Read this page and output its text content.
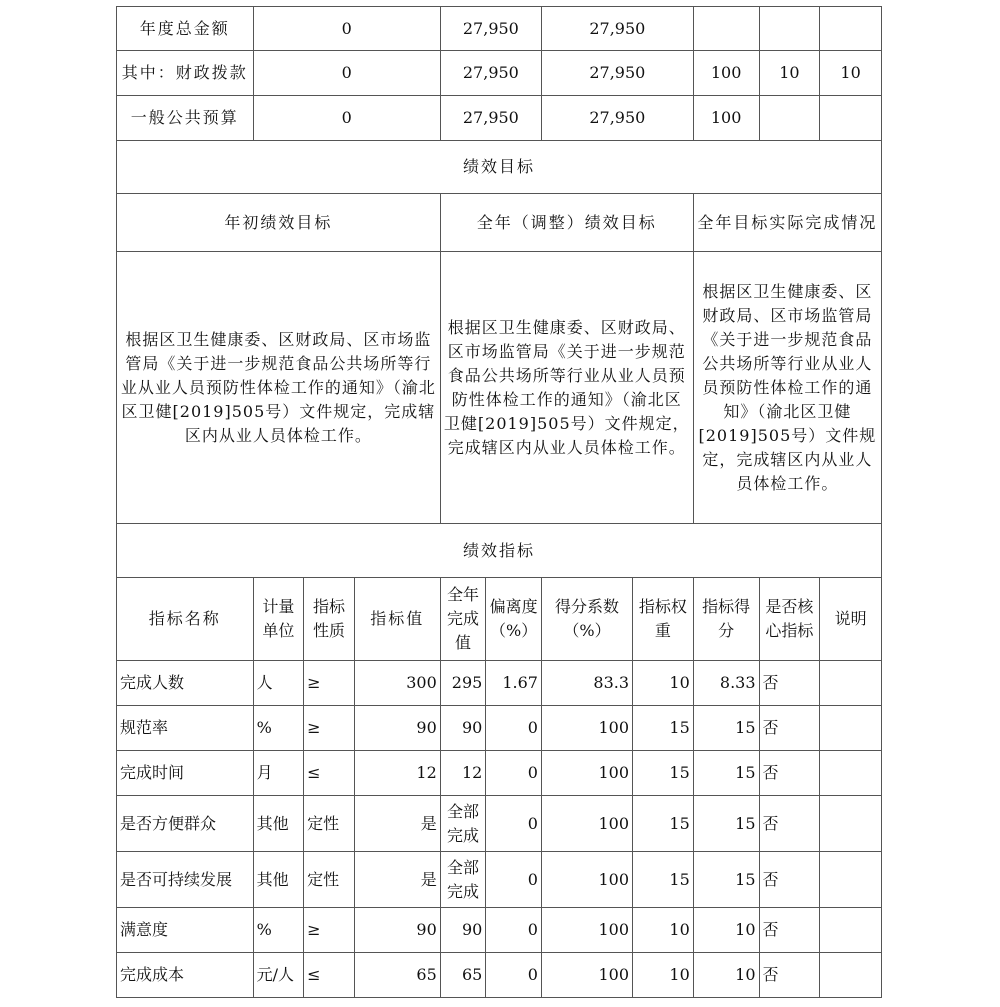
年度总金额	0			27,950		27,950				
其中：财政拨款	0			27,950		27,950		100	10	10
一般公共预算	0			27,950		27,950		100		
绩效目标										
年初绩效目标				全年（调整）绩效目标				全年目标实际完成情况		
根据区卫生健康委、区财政局、区市场监管局《关于进一步规范食品公共场所等行业从业人员预防性体检工作的通知》（渝北区卫健[2019]505号）文件规定，完成辖区内从业人员体检工作。				根据区卫生健康委、区财政局、区市场监管局《关于进一步规范食品公共场所等行业从业人员预防性体检工作的通知》（渝北区卫健[2019]505号）文件规定，完成辖区内从业人员体检工作。				根据区卫生健康委、区财政局、区市场监管局《关于进一步规范食品公共场所等行业从业人员预防性体检工作的通知》（渝北区卫健[2019]505号）文件规定，完成辖区内从业人员体检工作。		
绩效指标										
指标名称	计量单位	指标性质	指标值	全年完成值	偏离度（%）	得分系数（%）	指标权重	指标得分	是否核心指标	说明
完成人数	人	≥	300	295	1.67	83.3	10	8.33	否	
规范率	%	≥	90	90	0	100	15	15	否	
完成时间	月	≤	12	12	0	100	15	15	否	
是否方便群众	其他	定性	是	全部完成	0	100	15	15	否	
是否可持续发展	其他	定性	是	全部完成	0	100	15	15	否	
满意度	%	≥	90	90	0	100	10	10	否	
完成成本	元/人	≤	65	65	0	100	10	10	否	
